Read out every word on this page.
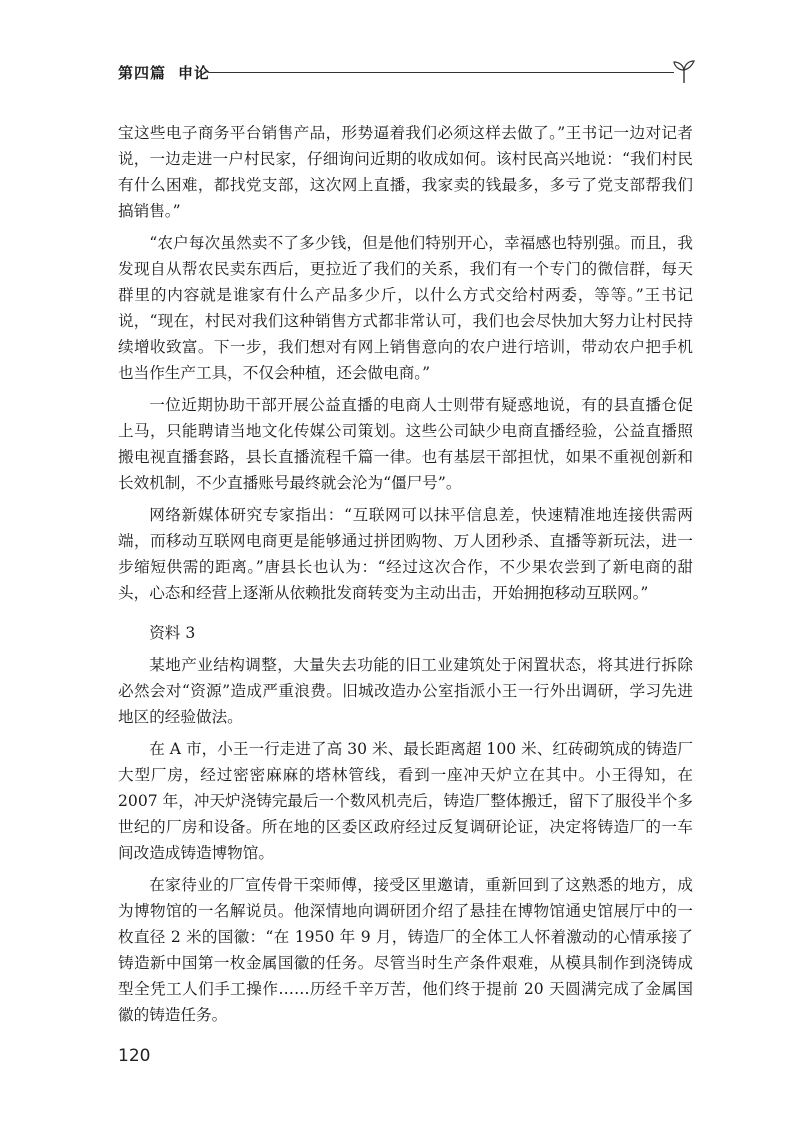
第四篇 申论

宝这些电子商务平台销售产品，形势逼着我们必须这样去做了。”王书记一边对记者说，一边走进一户村民家，仔细询问近期的收成如何。该村民高兴地说：“我们村民有什么困难，都找党支部，这次网上直播，我家卖的钱最多，多亏了党支部帮我们搞销售。”

“农户每次虽然卖不了多少钱，但是他们特别开心，幸福感也特别强。而且，我发现自从帮农民卖东西后，更拉近了我们的关系，我们有一个专门的微信群，每天群里的内容就是谁家有什么产品多少斤，以什么方式交给村两委，等等。”王书记说，“现在，村民对我们这种销售方式都非常认可，我们也会尽快加大努力让村民持续增收致富。下一步，我们想对有网上销售意向的农户进行培训，带动农户把手机也当作生产工具，不仅会种植，还会做电商。”

一位近期协助干部开展公益直播的电商人士则带有疑惑地说，有的县直播仓促上马，只能聘请当地文化传媒公司策划。这些公司缺少电商直播经验，公益直播照搬电视直播套路，县长直播流程千篇一律。也有基层干部担忧，如果不重视创新和长效机制，不少直播账号最终就会沦为“僵尸号”。

网络新媒体研究专家指出：“互联网可以抹平信息差，快速精准地连接供需两端，而移动互联网电商更是能够通过拼团购物、万人团秒杀、直播等新玩法，进一步缩短供需的距离。”唐县长也认为：“经过这次合作，不少果农尝到了新电商的甜头，心态和经营上逐渐从依赖批发商转变为主动出击，开始拥抱移动互联网。”

资料 3

某地产业结构调整，大量失去功能的旧工业建筑处于闲置状态，将其进行拆除必然会对“资源”造成严重浪费。旧城改造办公室指派小王一行外出调研，学习先进地区的经验做法。

在 A 市，小王一行走进了高 30 米、最长距离超 100 米、红砖砌筑成的铸造厂大型厂房，经过密密麻麻的塔林管线，看到一座冲天炉立在其中。小王得知，在 2007 年，冲天炉浇铸完最后一个数风机壳后，铸造厂整体搬迁，留下了服役半个多世纪的厂房和设备。所在地的区委区政府经过反复调研论证，决定将铸造厂的一车间改造成铸造博物馆。

在家待业的厂宣传骨干栾师傅，接受区里邀请，重新回到了这熟悉的地方，成为博物馆的一名解说员。他深情地向调研团介绍了悬挂在博物馆通史馆展厅中的一枚直径 2 米的国徽：“在 1950 年 9 月，铸造厂的全体工人怀着激动的心情承接了铸造新中国第一枚金属国徽的任务。尽管当时生产条件艰难，从模具制作到浇铸成型全凭工人们手工操作……历经千辛万苦，他们终于提前 20 天圆满完成了金属国徽的铸造任务。

120
